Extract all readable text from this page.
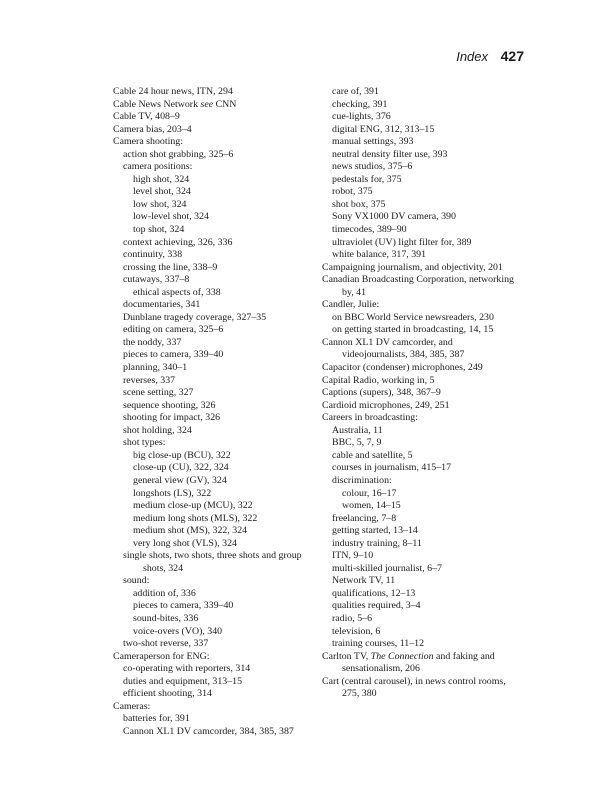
Index 427
Cable 24 hour news, ITN, 294
Cable News Network see CNN
Cable TV, 408–9
Camera bias, 203–4
Camera shooting:
action shot grabbing, 325–6
camera positions:
high shot, 324
level shot, 324
low shot, 324
low-level shot, 324
top shot, 324
context achieving, 326, 336
continuity, 338
crossing the line, 338–9
cutaways, 337–8
ethical aspects of, 338
documentaries, 341
Dunblane tragedy coverage, 327–35
editing on camera, 325–6
the noddy, 337
pieces to camera, 339–40
planning, 340–1
reverses, 337
scene setting, 327
sequence shooting, 326
shooting for impact, 326
shot holding, 324
shot types:
big close-up (BCU), 322
close-up (CU), 322, 324
general view (GV), 324
longshots (LS), 322
medium close-up (MCU), 322
medium long shots (MLS), 322
medium shot (MS), 322, 324
very long shot (VLS), 324
single shots, two shots, three shots and group shots, 324
sound:
addition of, 336
pieces to camera, 339–40
sound-bites, 336
voice-overs (VO), 340
two-shot reverse, 337
Cameraperson for ENG:
co-operating with reporters, 314
duties and equipment, 313–15
efficient shooting, 314
Cameras:
batteries for, 391
Cannon XL1 DV camcorder, 384, 385, 387
care of, 391
checking, 391
cue-lights, 376
digital ENG, 312, 313–15
manual settings, 393
neutral density filter use, 393
news studios, 375–6
pedestals for, 375
robot, 375
shot box, 375
Sony VX1000 DV camera, 390
timecodes, 389–90
ultraviolet (UV) light filter for, 389
white balance, 317, 391
Campaigning journalism, and objectivity, 201
Canadian Broadcasting Corporation, networking by, 41
Candler, Julie:
on BBC World Service newsreaders, 230
on getting started in broadcasting, 14, 15
Cannon XL1 DV camcorder, and videojournalists, 384, 385, 387
Capacitor (condenser) microphones, 249
Capital Radio, working in, 5
Captions (supers), 348, 367–9
Cardioid microphones, 249, 251
Careers in broadcasting:
Australia, 11
BBC, 5, 7, 9
cable and satellite, 5
courses in journalism, 415–17
discrimination:
colour, 16–17
women, 14–15
freelancing, 7–8
getting started, 13–14
industry training, 8–11
ITN, 9–10
multi-skilled journalist, 6–7
Network TV, 11
qualifications, 12–13
qualities required, 3–4
radio, 5–6
television, 6
training courses, 11–12
Carlton TV, The Connection and faking and sensationalism, 206
Cart (central carousel), in news control rooms, 275, 380
